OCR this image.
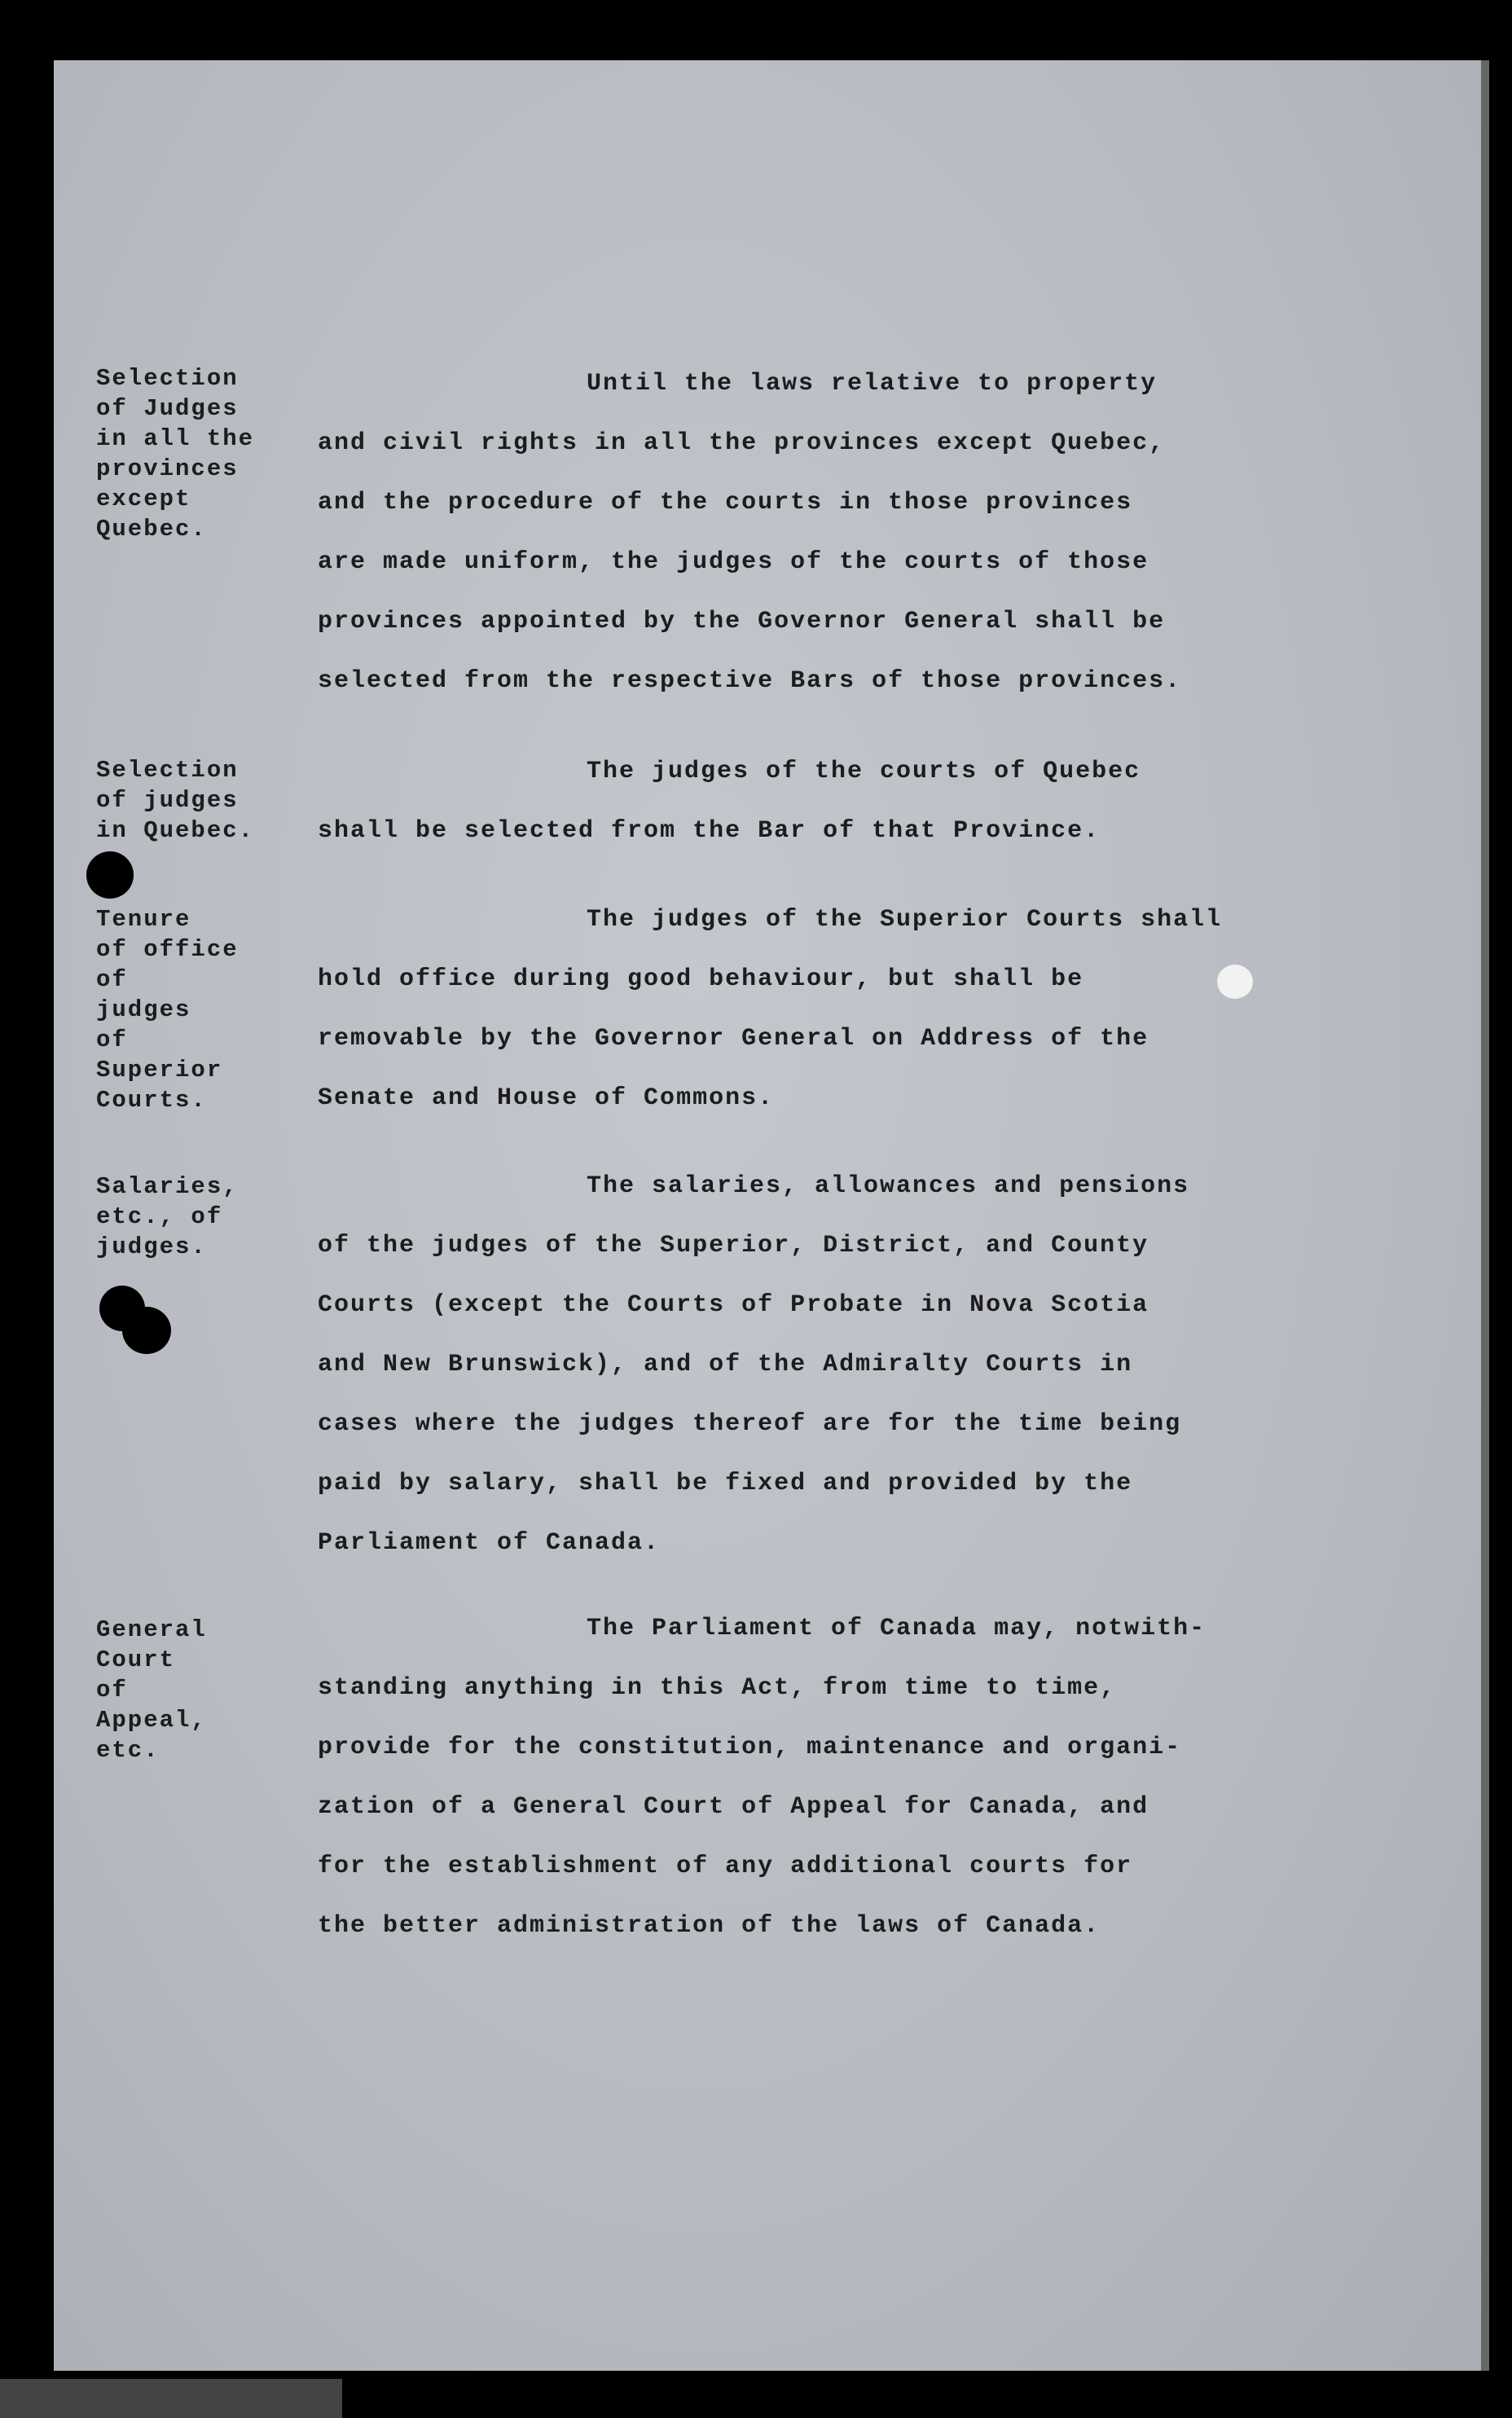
Selection
of Judges
in all the
provinces
except
Quebec.
Until the laws relative to property
and civil rights in all the provinces except Quebec,
and the procedure of the courts in those provinces
are made uniform, the judges of the courts of those
provinces appointed by the Governor General shall be
selected from the respective Bars of those provinces.
Selection
of judges
in Quebec.
The judges of the courts of Quebec
shall be selected from the Bar of that Province.
Tenure
of office
of
judges
of
Superior
Courts.
The judges of the Superior Courts shall
hold office during good behaviour, but shall be
removable by the Governor General on Address of the
Senate and House of Commons.
Salaries,
etc., of
judges.
The salaries, allowances and pensions
of the judges of the Superior, District, and County
Courts (except the Courts of Probate in Nova Scotia
and New Brunswick), and of the Admiralty Courts in
cases where the judges thereof are for the time being
paid by salary, shall be fixed and provided by the
Parliament of Canada.
General
Court
of
Appeal,
etc.
The Parliament of Canada may, notwith-
standing anything in this Act, from time to time,
provide for the constitution, maintenance and organi-
zation of a General Court of Appeal for Canada, and
for the establishment of any additional courts for
the better administration of the laws of Canada.
